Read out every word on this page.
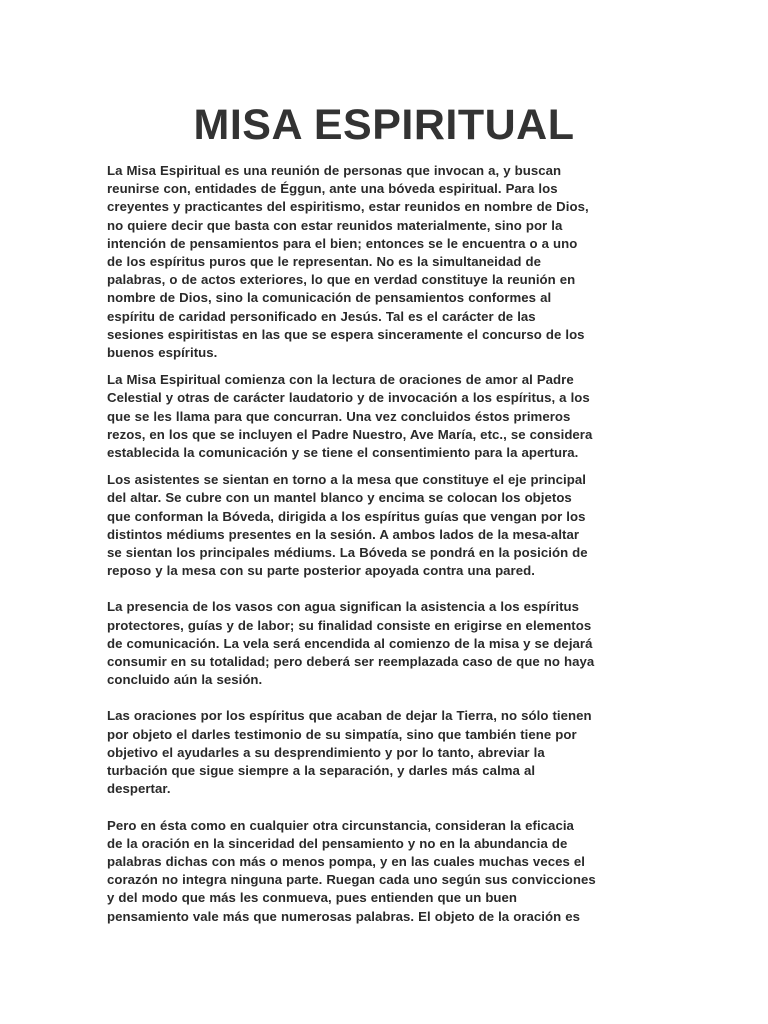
MISA ESPIRITUAL

La Misa Espiritual es una reunión de personas que invocan a, y buscan
reunirse con, entidades de Éggun, ante una bóveda espiritual. Para los
creyentes y practicantes del espiritismo, estar reunidos en nombre de Dios,
no quiere decir que basta con estar reunidos materialmente, sino por la
intención de pensamientos para el bien; entonces se le encuentra o a uno
de los espíritus puros que le representan. No es la simultaneidad de
palabras, o de actos exteriores, lo que en verdad constituye la reunión en
nombre de Dios, sino la comunicación de pensamientos conformes al
espíritu de caridad personificado en Jesús. Tal es el carácter de las
sesiones espiritistas en las que se espera sinceramente el concurso de los
buenos espíritus.

La Misa Espiritual comienza con la lectura de oraciones de amor al Padre
Celestial y otras de carácter laudatorio y de invocación a los espíritus, a los
que se les llama para que concurran. Una vez concluidos éstos primeros
rezos, en los que se incluyen el Padre Nuestro, Ave María, etc., se considera
establecida la comunicación y se tiene el consentimiento para la apertura.

Los asistentes se sientan en torno a la mesa que constituye el eje principal
del altar. Se cubre con un mantel blanco y encima se colocan los objetos
que conforman la Bóveda, dirigida a los espíritus guías que vengan por los
distintos médiums presentes en la sesión. A ambos lados de la mesa-altar
se sientan los principales médiums. La Bóveda se pondrá en la posición de
reposo y la mesa con su parte posterior apoyada contra una pared.

La presencia de los vasos con agua significan la asistencia a los espíritus
protectores, guías y de labor; su finalidad consiste en erigirse en elementos
de comunicación. La vela será encendida al comienzo de la misa y se dejará
consumir en su totalidad; pero deberá ser reemplazada caso de que no haya
concluido aún la sesión.

Las oraciones por los espíritus que acaban de dejar la Tierra, no sólo tienen
por objeto el darles testimonio de su simpatía, sino que también tiene por
objetivo el ayudarles a su desprendimiento y por lo tanto, abreviar la
turbación que sigue siempre a la separación, y darles más calma al
despertar.

Pero en ésta como en cualquier otra circunstancia, consideran la eficacia
de la oración en la sinceridad del pensamiento y no en la abundancia de
palabras dichas con más o menos pompa, y en las cuales muchas veces el
corazón no integra ninguna parte. Ruegan cada uno según sus convicciones
y del modo que más les conmueva, pues entienden que un buen
pensamiento vale más que numerosas palabras. El objeto de la oración es
